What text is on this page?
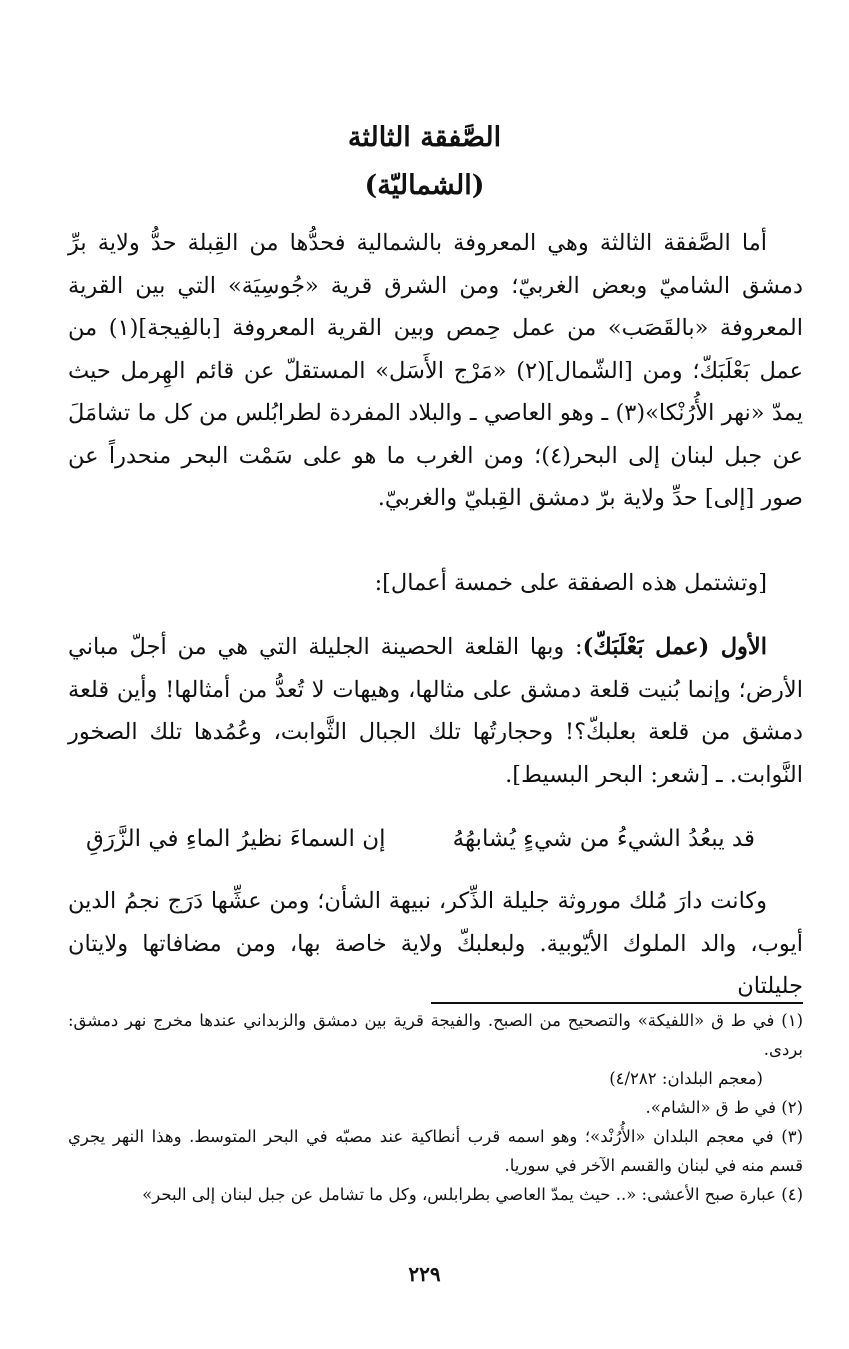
الصَّفقة الثالثة
(الشماليّة)

أما الصَّفقة الثالثة وهي المعروفة بالشمالية فحدُّها من القِبلة حدُّ ولاية برِّ دمشق الشاميّ وبعض الغربيّ؛ ومن الشرق قرية «جُوسِيَة» التي بين القرية المعروفة «بالقَصَب» من عمل حِمص وبين القرية المعروفة [بالفِيجة](١) من عمل بَعْلَبَكّ؛ ومن [الشّمال](٢) «مَرْج الأَسَل» المستقلّ عن قائم الهِرمل حيث يمدّ «نهر الأُرُنْكا»(٣) ـ وهو العاصي ـ والبلاد المفردة لطرابُلس من كل ما تشامَلَ عن جبل لبنان إلى البحر(٤)؛ ومن الغرب ما هو على سَمْت البحر منحدراً عن صور [إلى] حدِّ ولاية برّ دمشق القِبليّ والغربيّ.

[وتشتمل هذه الصفقة على خمسة أعمال]:

الأول (عمل بَعْلَبَكّ): وبها القلعة الحصينة الجليلة التي هي من أجلّ مباني الأرض؛ وإنما بُنيت قلعة دمشق على مثالها، وهيهات لا تُعدُّ من أمثالها! وأين قلعة دمشق من قلعة بعلبكّ؟! وحجارتُها تلك الجبال الثَّوابت، وعُمُدها تلك الصخور النَّوابت. ـ [شعر: البحر البسيط].

قد يبعُدُ الشيءُ من شيءٍ يُشابهُهُ
إن السماءَ نظيرُ الماءِ في الزَّرَقِ

وكانت دارَ مُلك موروثة جليلة الذِّكر، نبيهة الشأن؛ ومن عشِّها دَرَج نجمُ الدين أيوب، والد الملوك الأيّوبية. ولبعلبكّ ولاية خاصة بها، ومن مضافاتها ولايتان جليلتان

(١) في ط ق «اللفيكة» والتصحيح من الصبح. والفيجة قرية بين دمشق والزبداني عندها مخرج نهر دمشق: بردى.

(معجم البلدان: ٤/٢٨٢)

(٢) في ط ق «الشام».

(٣) في معجم البلدان «الأُرُنْد»؛ وهو اسمه قرب أنطاكية عند مصبّه في البحر المتوسط. وهذا النهر يجري قسم منه في لبنان والقسم الآخر في سوريا.

(٤) عبارة صبح الأعشى: «.. حيث يمدّ العاصي بطرابلس، وكل ما تشامل عن جبل لبنان إلى البحر»

٢٢٩
